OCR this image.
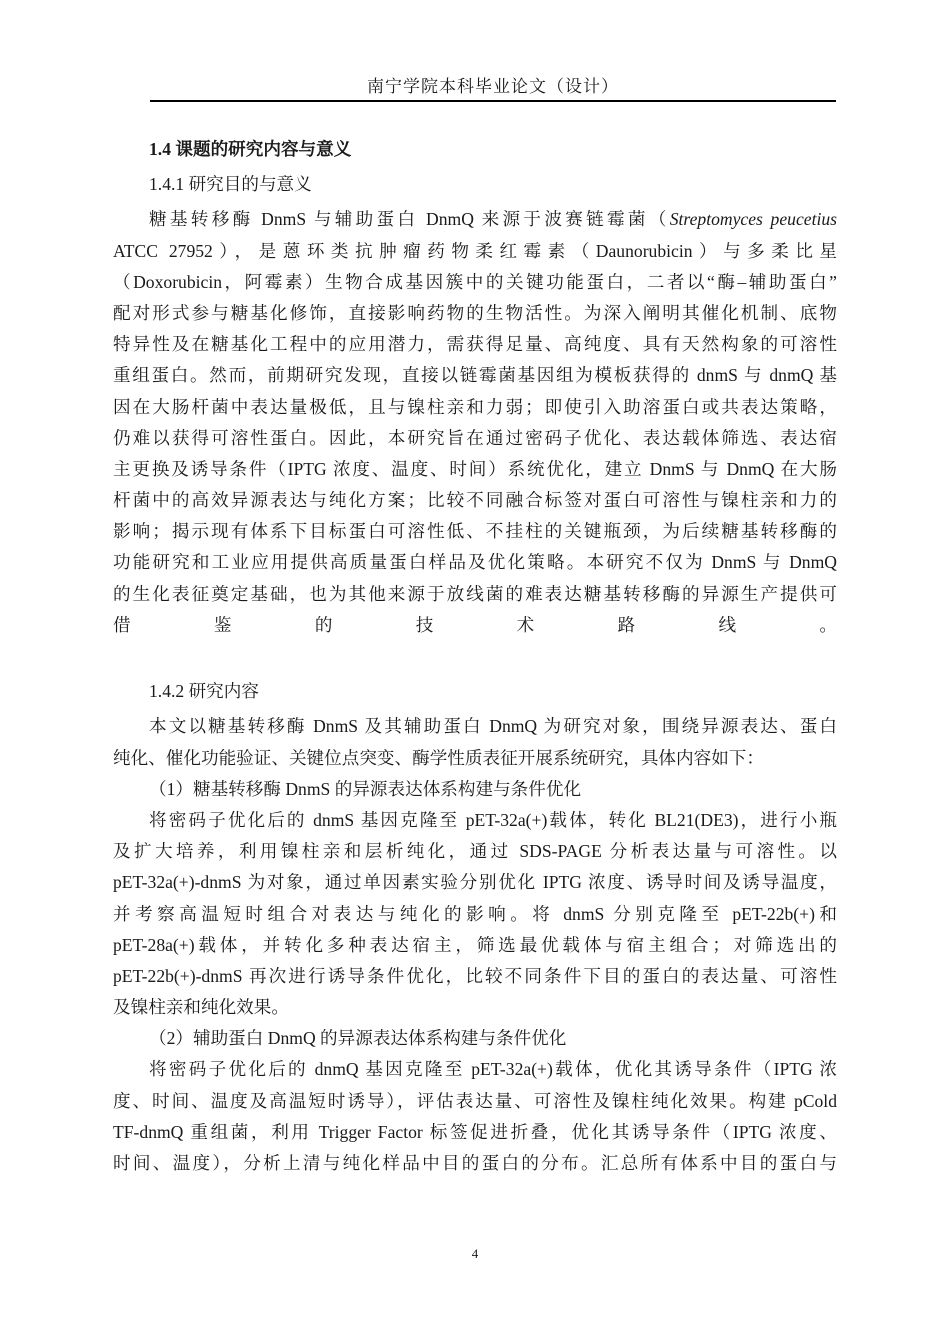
南宁学院本科毕业论文（设计）
1.4 课题的研究内容与意义
1.4.1 研究目的与意义
糖基转移酶 DnmS 与辅助蛋白 DnmQ 来源于波赛链霉菌（Streptomyces peucetius
ATCC 27952），是蒽环类抗肿瘤药物柔红霉素（Daunorubicin）与多柔比星
（Doxorubicin，阿霉素）生物合成基因簇中的关键功能蛋白，二者以“酶–辅助蛋白”
配对形式参与糖基化修饰，直接影响药物的生物活性。为深入阐明其催化机制、底物
特异性及在糖基化工程中的应用潜力，需获得足量、高纯度、具有天然构象的可溶性
重组蛋白。然而，前期研究发现，直接以链霉菌基因组为模板获得的 dnmS 与 dnmQ 基
因在大肠杆菌中表达量极低，且与镍柱亲和力弱；即使引入助溶蛋白或共表达策略，
仍难以获得可溶性蛋白。因此，本研究旨在通过密码子优化、表达载体筛选、表达宿
主更换及诱导条件（IPTG 浓度、温度、时间）系统优化，建立 DnmS 与 DnmQ 在大肠
杆菌中的高效异源表达与纯化方案；比较不同融合标签对蛋白可溶性与镍柱亲和力的
影响；揭示现有体系下目标蛋白可溶性低、不挂柱的关键瓶颈，为后续糖基转移酶的
功能研究和工业应用提供高质量蛋白样品及优化策略。本研究不仅为 DnmS 与 DnmQ
的生化表征奠定基础，也为其他来源于放线菌的难表达糖基转移酶的异源生产提供可
借鉴的技术路线。
1.4.2 研究内容
本文以糖基转移酶 DnmS 及其辅助蛋白 DnmQ 为研究对象，围绕异源表达、蛋白
纯化、催化功能验证、关键位点突变、酶学性质表征开展系统研究，具体内容如下：
（1）糖基转移酶 DnmS 的异源表达体系构建与条件优化
将密码子优化后的 dnmS 基因克隆至 pET-32a(+)载体，转化 BL21(DE3)，进行小瓶
及扩大培养，利用镍柱亲和层析纯化，通过 SDS-PAGE 分析表达量与可溶性。以
pET-32a(+)-dnmS 为对象，通过单因素实验分别优化 IPTG 浓度、诱导时间及诱导温度，
并考察高温短时组合对表达与纯化的影响。将 dnmS 分别克隆至 pET-22b(+)和
pET-28a(+)载体，并转化多种表达宿主，筛选最优载体与宿主组合；对筛选出的
pET-22b(+)-dnmS 再次进行诱导条件优化，比较不同条件下目的蛋白的表达量、可溶性
及镍柱亲和纯化效果。
（2）辅助蛋白 DnmQ 的异源表达体系构建与条件优化
将密码子优化后的 dnmQ 基因克隆至 pET-32a(+)载体，优化其诱导条件（IPTG 浓
度、时间、温度及高温短时诱导），评估表达量、可溶性及镍柱纯化效果。构建 pCold
TF-dnmQ 重组菌，利用 Trigger Factor 标签促进折叠，优化其诱导条件（IPTG 浓度、
时间、温度），分析上清与纯化样品中目的蛋白的分布。汇总所有体系中目的蛋白与
4
